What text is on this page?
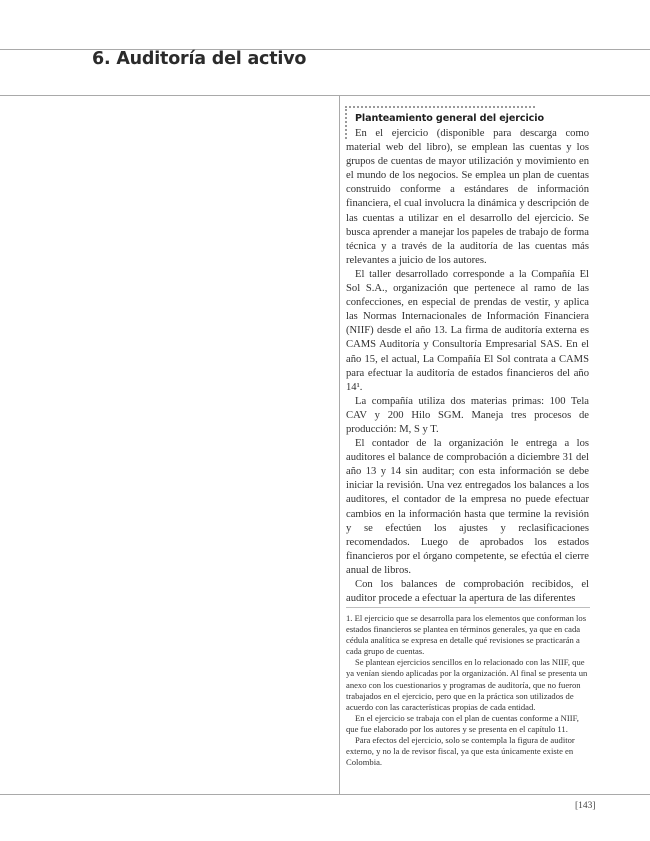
6. Auditoría del activo
Planteamiento general del ejercicio

En el ejercicio (disponible para descarga como material web del libro), se emplean las cuentas y los grupos de cuentas de mayor utilización y movimiento en el mundo de los negocios. Se emplea un plan de cuentas construido conforme a estándares de información financiera, el cual involucra la dinámica y descripción de las cuentas a utilizar en el desarrollo del ejercicio. Se busca aprender a manejar los papeles de trabajo de forma técnica y a través de la auditoría de las cuentas más relevantes a juicio de los autores.

El taller desarrollado corresponde a la Compañía El Sol S.A., organización que pertenece al ramo de las confecciones, en especial de prendas de vestir, y aplica las Normas Internacionales de Información Financiera (NIIF) desde el año 13. La firma de auditoría externa es CAMS Auditoría y Consultoría Empresarial SAS. En el año 15, el actual, La Compañía El Sol contrata a CAMS para efectuar la auditoría de estados financieros del año 14¹.

La compañía utiliza dos materias primas: 100 Tela CAV y 200 Hilo SGM. Maneja tres procesos de producción: M, S y T.

El contador de la organización le entrega a los auditores el balance de comprobación a diciembre 31 del año 13 y 14 sin auditar; con esta información se debe iniciar la revisión. Una vez entregados los balances a los auditores, el contador de la empresa no puede efectuar cambios en la información hasta que termine la revisión y se efectúen los ajustes y reclasificaciones recomendados. Luego de aprobados los estados financieros por el órgano competente, se efectúa el cierre anual de libros.

Con los balances de comprobación recibidos, el auditor procede a efectuar la apertura de las diferentes

1. El ejercicio que se desarrolla para los elementos que conforman los estados financieros se plantea en términos generales, ya que en cada cédula analítica se expresa en detalle qué revisiones se practicarán a cada grupo de cuentas.

Se plantean ejercicios sencillos en lo relacionado con las NIIF, que ya venían siendo aplicadas por la organización. Al final se presenta un anexo con los cuestionarios y programas de auditoría, que no fueron trabajados en el ejercicio, pero que en la práctica son utilizados de acuerdo con las características propias de cada entidad.

En el ejercicio se trabaja con el plan de cuentas conforme a NIIF, que fue elaborado por los autores y se presenta en el capítulo 11.

Para efectos del ejercicio, solo se contempla la figura de auditor externo, y no la de revisor fiscal, ya que esta únicamente existe en Colombia.

[143]
